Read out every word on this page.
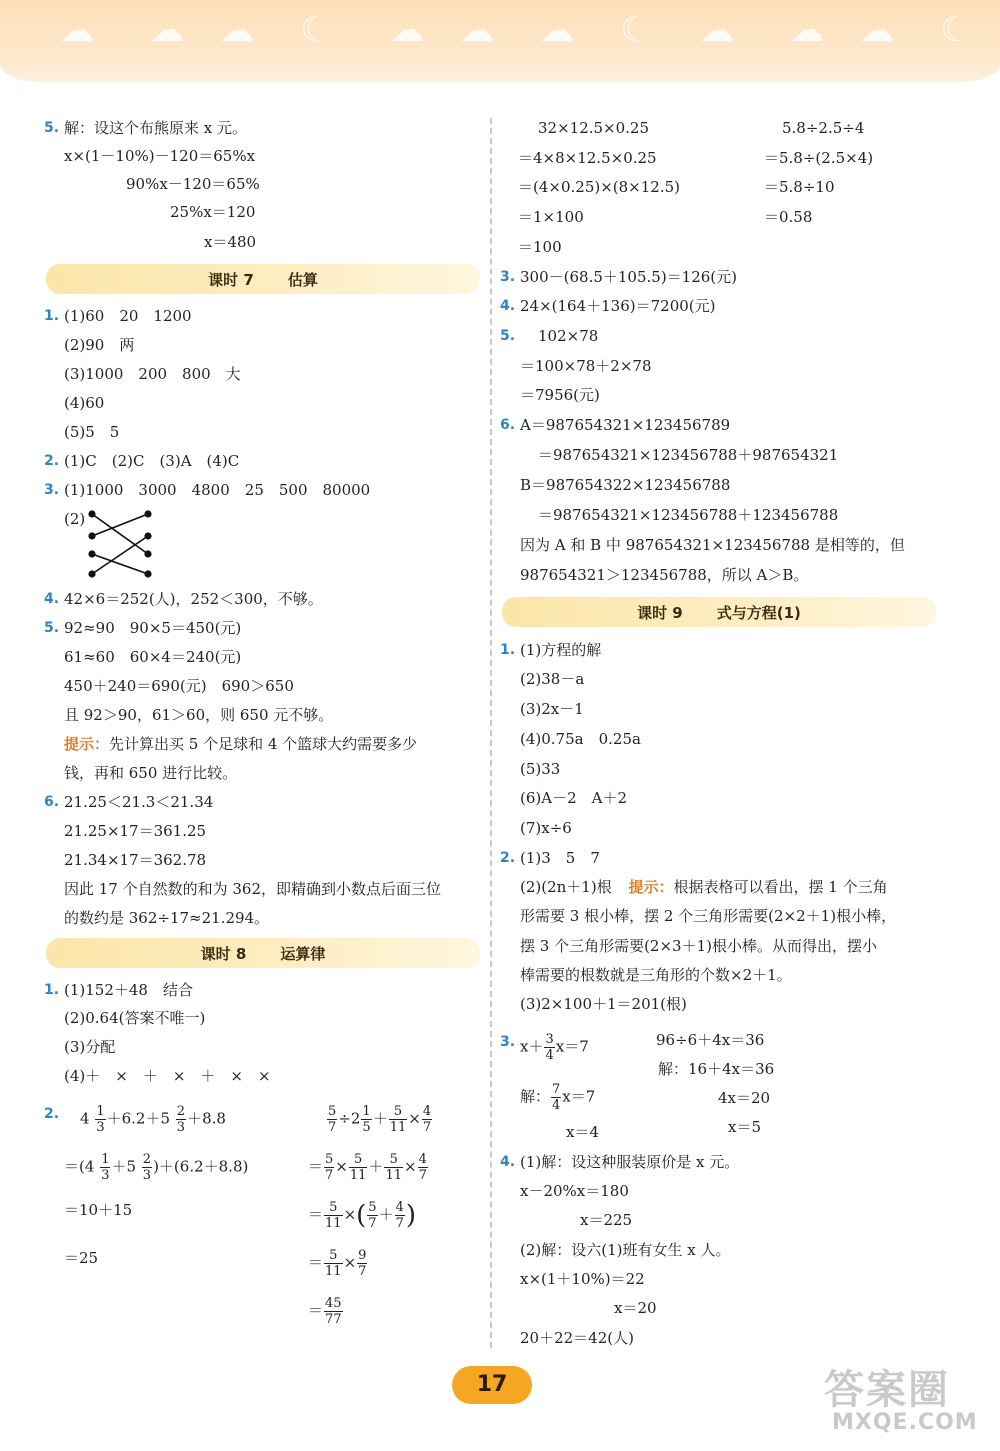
☁ ☁ ☁ ☾ ☁ ☁ ☁ ☾ ☁ ☁ ☁ ☾
5. 解：设这个布熊原来 x 元。
x×(1－10%)－120＝65%x
90%x－120＝65%
25%x＝120
x＝480
课时 7 估算
1. (1)60　20　1200
(2)90　两
(3)1000　200　800　大
(4)60
(5)5　5
2. (1)C　(2)C　(3)A　(4)C
3. (1)1000　3000　4800　25　500　80000
(2)
4. 42×6＝252(人)，252＜300，不够。
5. 92≈90　90×5＝450(元)
61≈60　60×4＝240(元)
450＋240＝690(元)　690＞650
且 92＞90，61＞60，则 650 元不够。
提示：先计算出买 5 个足球和 4 个篮球大约需要多少
钱，再和 650 进行比较。
6. 21.25＜21.3＜21.34
21.25×17＝361.25
21.34×17＝362.78
因此 17 个自然数的和为 362，即精确到小数点后面三位
的数约是 362÷17≈21.294。
课时 8 运算律
1. (1)152＋48　结合
(2)0.64(答案不唯一)
(3)分配
(4)＋　×　＋　×　＋　×　×
2. $4 \frac{1}{3} +6.2+5 \frac{2}{3} +8.8$
$=(4 \frac{1}{3} +5 \frac{2}{3} )+(6.2+8.8)$
＝10＋15
＝25
$\frac{5}{7} \div 2 \frac{1}{5} + \frac{5}{11} \times \frac{4}{7}$
＝ $\frac{5}{7} \times \frac{5}{11} + \frac{5}{11} \times \frac{4}{7}$
＝ $\frac{5}{11}$ ×( $\frac{5}{7} + \frac{4}{7}$ )
＝ $\frac{5}{11} \times \frac{9}{7}$
＝ $\frac{45}{77}$
32×12.5×0.25
＝4×8×12.5×0.25
＝(4×0.25)×(8×12.5)
＝1×100
＝100
5.8÷2.5÷4
＝5.8÷(2.5×4)
＝5.8÷10
＝0.58
3. 300－(68.5＋105.5)＝126(元)
4. 24×(164＋136)＝7200(元)
5. 102×78
＝100×78＋2×78
＝7956(元)
6. A＝987654321×123456789
＝987654321×123456788＋987654321
B＝987654322×123456788
＝987654321×123456788＋123456788
因为 A 和 B 中 987654321×123456788 是相等的，但
987654321＞123456788，所以 A＞B。
课时 9 式与方程(1)
1. (1)方程的解
(2)38－a
(3)2x－1
(4)0.75a　0.25a
(5)33
(6)A－2　A＋2
(7)x÷6
2. (1)3　5　7
(2)(2n＋1)根 提示：根据表格可以看出，摆 1 个三角
形需要 3 根小棒，摆 2 个三角形需要(2×2＋1)根小棒，
摆 3 个三角形需要(2×3＋1)根小棒。从而得出，摆小
棒需要的根数就是三角形的个数×2＋1。
(3)2×100＋1＝201(根)
3. $x+ \frac{3}{4} x=7$
解： $\frac{7}{4} x=7$
x＝4
96÷6＋4x＝36
解：16＋4x＝36
4x＝20
x＝5
4. (1)解：设这种服装原价是 x 元。
x－20%x＝180
x＝225
(2)解：设六(1)班有女生 x 人。
x×(1＋10%)＝22
x＝20
20＋22＝42(人)
17	答案圈
MXQE.COM
